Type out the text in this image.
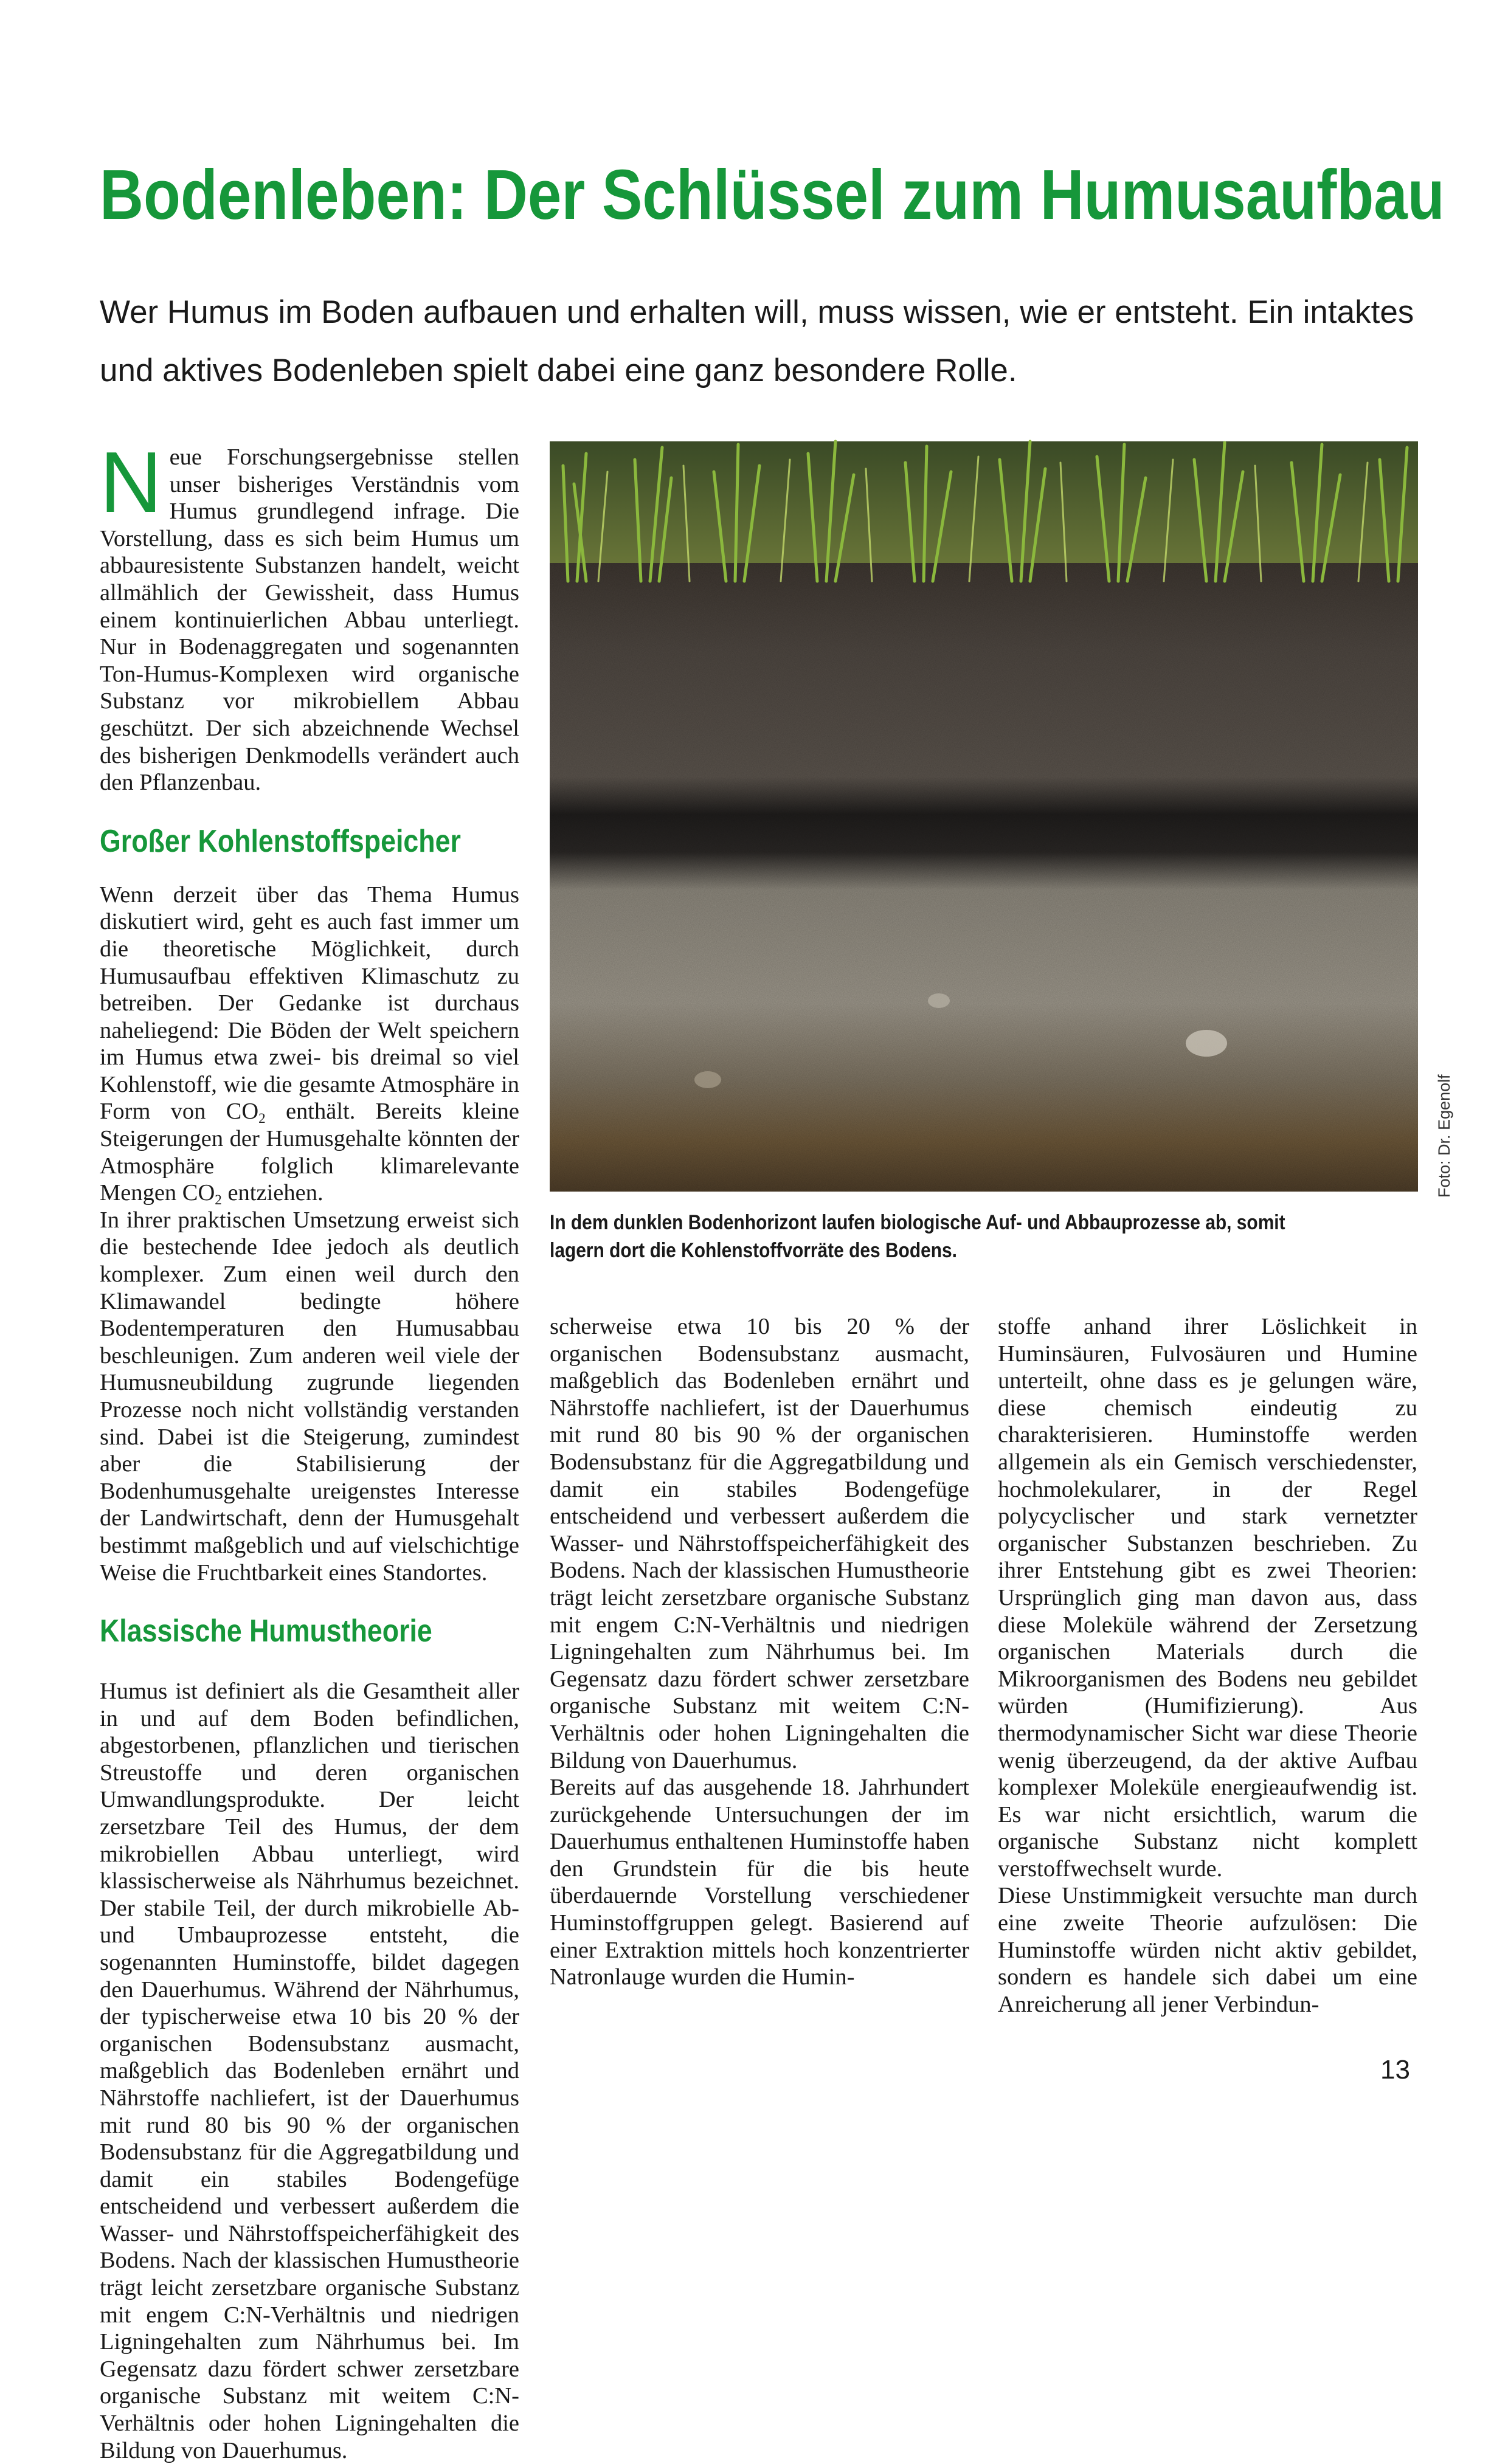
Bodenleben: Der Schlüssel zum Humusaufbau

Wer Humus im Boden aufbauen und erhalten will, muss wissen, wie er entsteht. Ein intaktes und aktives Bodenleben spielt dabei eine ganz besondere Rolle.

Neue Forschungsergebnisse stellen unser bisheriges Verständnis vom Humus grundlegend infrage. Die Vorstellung, dass es sich beim Humus um abbauresistente Substanzen handelt, weicht allmählich der Gewissheit, dass Humus einem kontinuierlichen Abbau unterliegt. Nur in Bodenaggregaten und sogenannten Ton-Humus-Komplexen wird organische Substanz vor mikrobiellem Abbau geschützt. Der sich abzeichnende Wechsel des bisherigen Denkmodells verändert auch den Pflanzenbau.

Großer Kohlenstoffspeicher

Wenn derzeit über das Thema Humus diskutiert wird, geht es auch fast immer um die theoretische Möglichkeit, durch Humusaufbau effektiven Klimaschutz zu betreiben. Der Gedanke ist durchaus naheliegend: Die Böden der Welt speichern im Humus etwa zwei- bis dreimal so viel Kohlenstoff, wie die gesamte Atmosphäre in Form von $CO_2$ enthält. Bereits kleine Steigerungen der Humusgehalte könnten der Atmosphäre folglich klimarelevante Mengen $CO_2$ entziehen.

In ihrer praktischen Umsetzung erweist sich die bestechende Idee jedoch als deutlich komplexer. Zum einen weil durch den Klimawandel bedingte höhere Bodentemperaturen den Humusabbau beschleunigen. Zum anderen weil viele der Humusneubildung zugrunde liegenden Prozesse noch nicht vollständig verstanden sind. Dabei ist die Steigerung, zumindest aber die Stabilisierung der Bodenhumusgehalte ureigenstes Interesse der Landwirtschaft, denn der Humusgehalt bestimmt maßgeblich und auf vielschichtige Weise die Fruchtbarkeit eines Standortes.

Klassische Humustheorie
Foto: Dr. Egenolf

In dem dunklen Bodenhorizont laufen biologische Auf- und Abbauprozesse ab, somit lagern dort die Kohlenstoffvorräte des Bodens.

Humus ist definiert als die Gesamtheit aller in und auf dem Boden befindlichen, abgestorbenen, pflanzlichen und tierischen Streustoffe und deren organischen Umwandlungsprodukte. Der leicht zersetzbare Teil des Humus, der dem mikrobiellen Abbau unterliegt, wird klassischerweise als Nährhumus bezeichnet. Der stabile Teil, der durch mikrobielle Ab- und Umbauprozesse entsteht, die sogenannten Huminstoffe, bildet dagegen den Dauerhumus. Während der Nährhumus, der typischerweise etwa 10 bis 20 % der organischen Bodensubstanz ausmacht, maßgeblich das Bodenleben ernährt und Nährstoffe nachliefert, ist der Dauerhumus mit rund 80 bis 90 % der organischen Bodensubstanz für die Aggregatbildung und damit ein stabiles Bodengefüge entscheidend und verbessert außerdem die Wasser- und Nährstoffspeicherfähigkeit des Bodens. Nach der klassischen Humustheorie trägt leicht zersetzbare organische Substanz mit engem C:N-Verhältnis und niedrigen Ligningehalten zum Nährhumus bei. Im Gegensatz dazu fördert schwer zersetzbare organische Substanz mit weitem C:N-Verhältnis oder hohen Ligningehalten die Bildung von Dauerhumus.

scherweise etwa 10 bis 20 % der organischen Bodensubstanz ausmacht, maßgeblich das Bodenleben ernährt und Nährstoffe nachliefert, ist der Dauerhumus mit rund 80 bis 90 % der organischen Bodensubstanz für die Aggregatbildung und damit ein stabiles Bodengefüge entscheidend und verbessert außerdem die Wasser- und Nährstoffspeicherfähigkeit des Bodens. Nach der klassischen Humustheorie trägt leicht zersetzbare organische Substanz mit engem C:N-Verhältnis und niedrigen Ligningehalten zum Nährhumus bei. Im Gegensatz dazu fördert schwer zersetzbare organische Substanz mit weitem C:N-Verhältnis oder hohen Ligningehalten die Bildung von Dauerhumus.

Bereits auf das ausgehende 18. Jahrhundert zurückgehende Untersuchungen der im Dauerhumus enthaltenen Huminstoffe haben den Grundstein für die bis heute überdauernde Vorstellung verschiedener Huminstoffgruppen gelegt. Basierend auf einer Extraktion mittels hoch konzentrierter Natronlauge wurden die Humin-

stoffe anhand ihrer Löslichkeit in Huminsäuren, Fulvosäuren und Humine unterteilt, ohne dass es je gelungen wäre, diese chemisch eindeutig zu charakterisieren. Huminstoffe werden allgemein als ein Gemisch verschiedenster, hochmolekularer, in der Regel polycyclischer und stark vernetzter organischer Substanzen beschrieben. Zu ihrer Entstehung gibt es zwei Theorien: Ursprünglich ging man davon aus, dass diese Moleküle während der Zersetzung organischen Materials durch die Mikroorganismen des Bodens neu gebildet würden (Humifizierung). Aus thermodynamischer Sicht war diese Theorie wenig überzeugend, da der aktive Aufbau komplexer Moleküle energieaufwendig ist. Es war nicht ersichtlich, warum die organische Substanz nicht komplett verstoffwechselt wurde.

Diese Unstimmigkeit versuchte man durch eine zweite Theorie aufzulösen: Die Huminstoffe würden nicht aktiv gebildet, sondern es handele sich dabei um eine Anreicherung all jener Verbindun-

13
